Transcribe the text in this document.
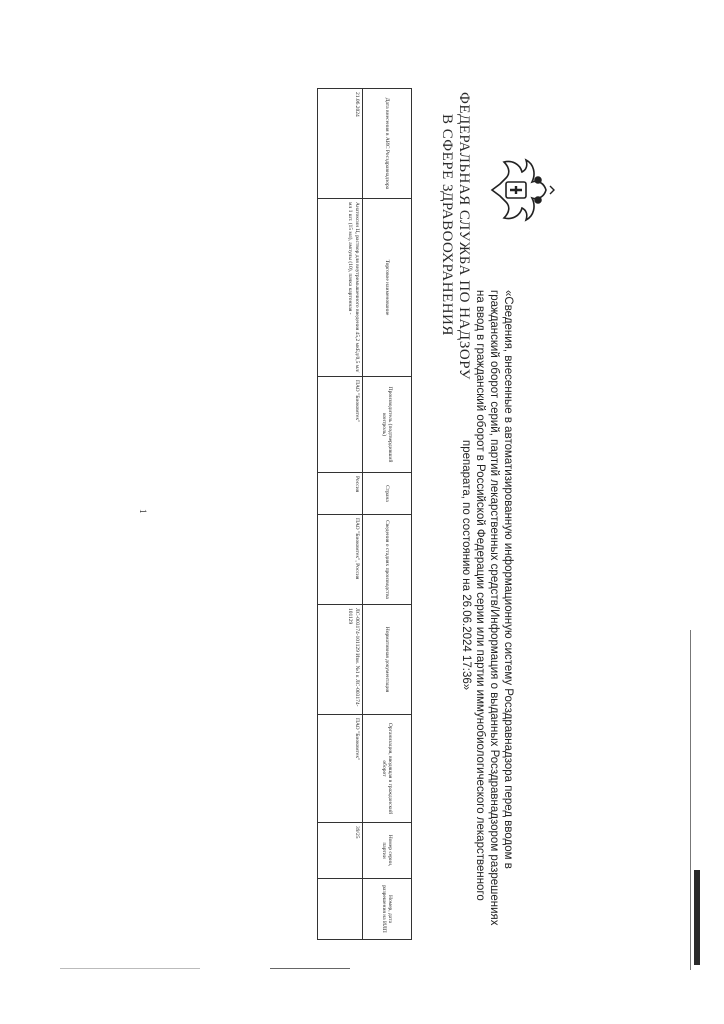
ФЕДЕРАЛЬНАЯ СЛУЖБА ПО НАДЗОРУ
В СФЕРЕ ЗДРАВООХРАНЕНИЯ
«Сведения, внесенные в автоматизированную информационную систему Росздравнадзора перед вводом в
гражданский оборот серий, партий лекарственных средств/Информация о выданных Росздравнадзором разрешениях
на ввод в гражданский оборот в Российской Федерации серии или партии иммунобиологического лекарственного
препарата, по состоянию на 26.06.2024 17:36»
Дата внесения в АИС Росздравнадзора	Торговое наименование	Производитель (подтвердивший контроль)	Страна	Сведения о стадиях производства	Нормативная документация	Организация, вводящая в гражданский оборот	Номер серии, партии	Номер, дата разрешения на ИЛП
21.06.2024	Анатоксин Ц, раствор для внутримышечного введения 45,2 мкЕд/0,5 мл/мл 1 шт. (15 мл), ампулы (10), пачка картонная -	ПАО "Биокомтех"	Россия	ПАО "Биокомтех", Россия	ЛС-003174-101129 Изм. №1 к ЛС-003174-101129	ПАО "Биокомтех"	39/25	
1
